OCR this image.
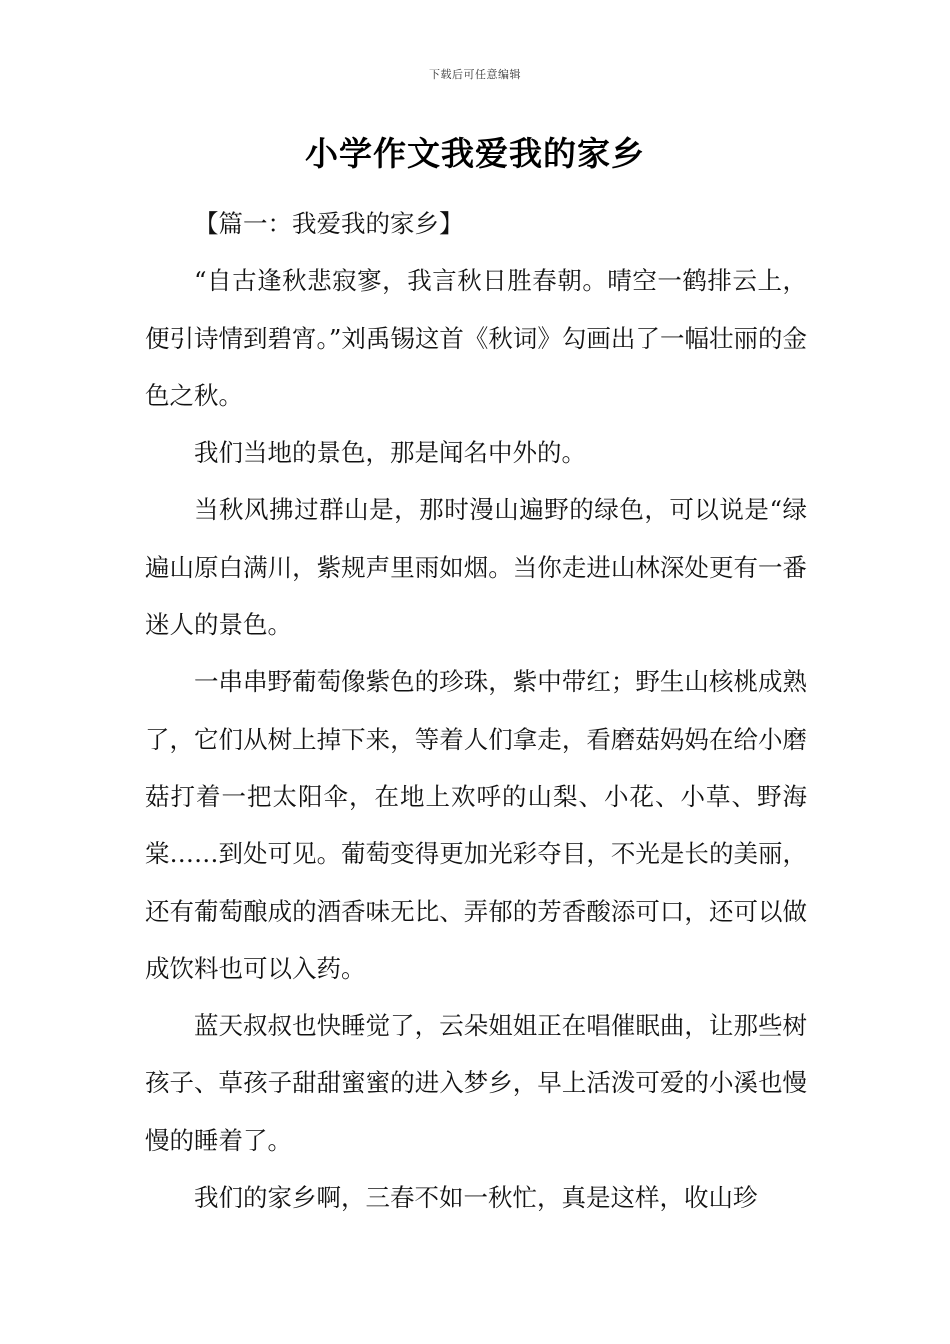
下载后可任意编辑
小学作文我爱我的家乡

【篇一：我爱我的家乡】

“自古逢秋悲寂寥，我言秋日胜春朝。晴空一鹤排云上，便引诗情到碧宵。”刘禹锡这首《秋词》勾画出了一幅壮丽的金色之秋。

我们当地的景色，那是闻名中外的。

当秋风拂过群山是，那时漫山遍野的绿色，可以说是“绿遍山原白满川，紫规声里雨如烟。当你走进山林深处更有一番迷人的景色。

一串串野葡萄像紫色的珍珠，紫中带红；野生山核桃成熟了，它们从树上掉下来，等着人们拿走，看磨菇妈妈在给小磨菇打着一把太阳伞，在地上欢呼的山梨、小花、小草、野海棠……到处可见。葡萄变得更加光彩夺目，不光是长的美丽，还有葡萄酿成的酒香味无比、弄郁的芳香酸添可口，还可以做成饮料也可以入药。

蓝天叔叔也快睡觉了，云朵姐姐正在唱催眠曲，让那些树孩子、草孩子甜甜蜜蜜的进入梦乡，早上活泼可爱的小溪也慢慢的睡着了。

我们的家乡啊，三春不如一秋忙，真是这样，收山珍
